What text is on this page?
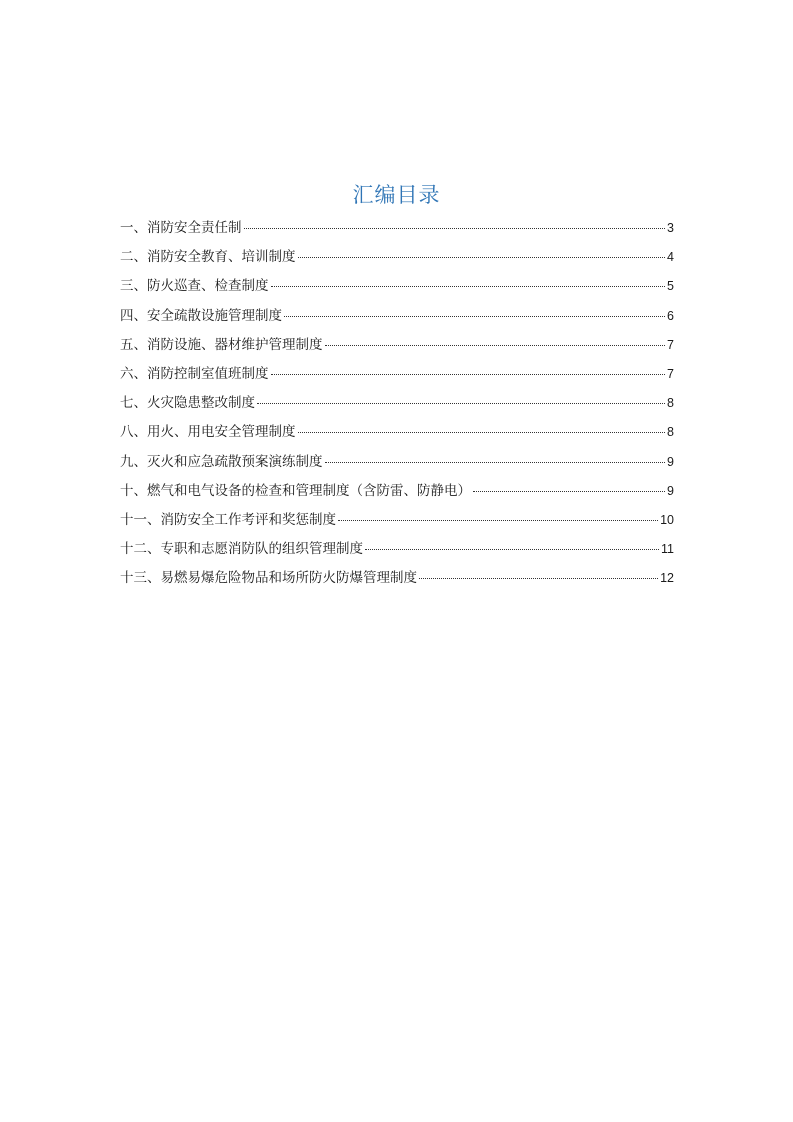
汇编目录
一、消防安全责任制	3
二、消防安全教育、培训制度	4
三、防火巡查、检查制度	5
四、安全疏散设施管理制度	6
五、消防设施、器材维护管理制度	7
六、消防控制室值班制度	7
七、火灾隐患整改制度	8
八、用火、用电安全管理制度	8
九、灭火和应急疏散预案演练制度	9
十、燃气和电气设备的检查和管理制度（含防雷、防静电）	9
十一、消防安全工作考评和奖惩制度	10
十二、专职和志愿消防队的组织管理制度	11
十三、易燃易爆危险物品和场所防火防爆管理制度	12
